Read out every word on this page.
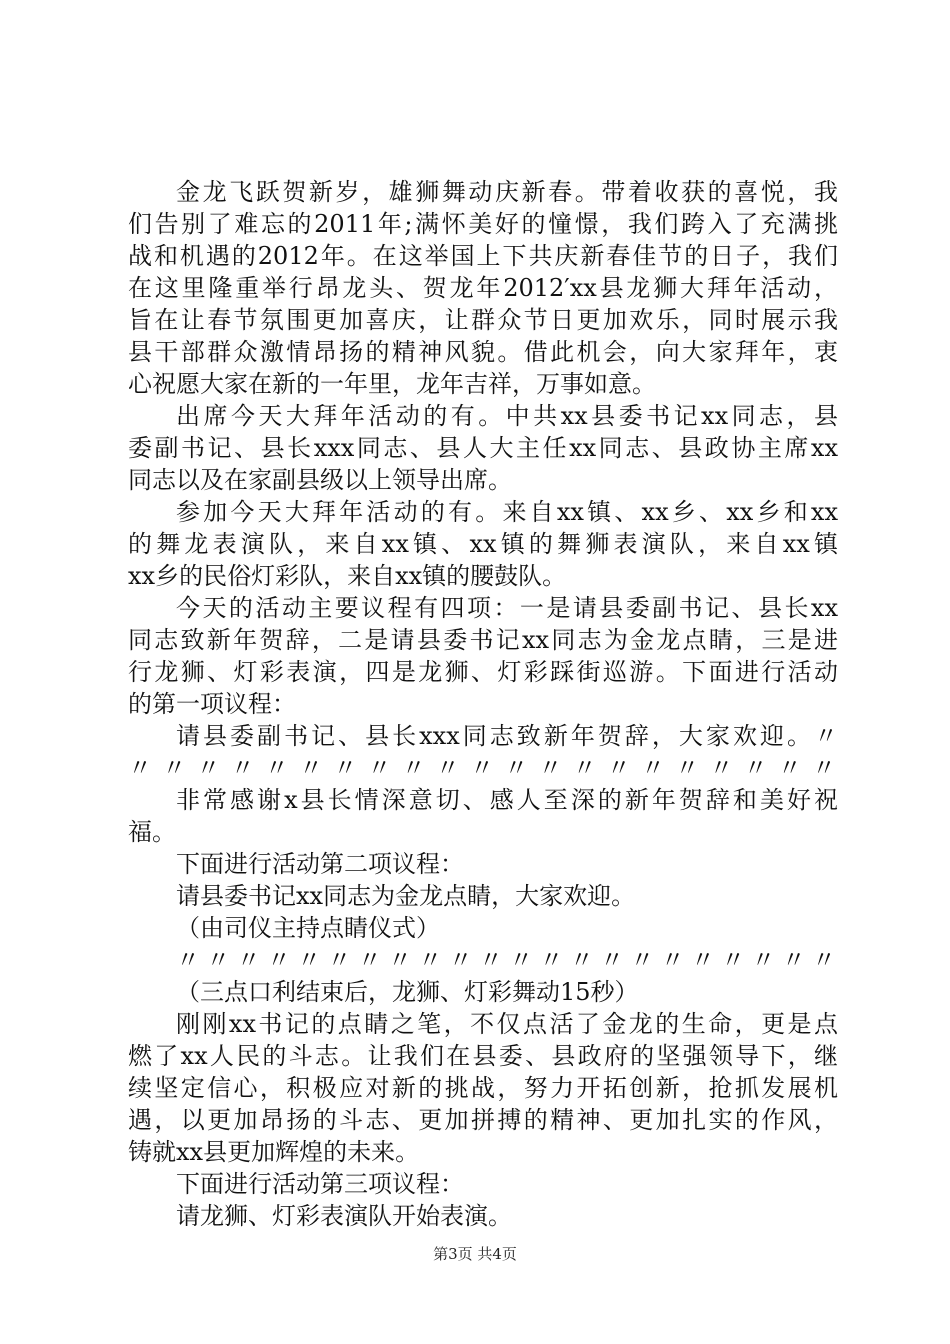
金龙飞跃贺新岁，雄狮舞动庆新春。带着收获的喜悦，我
们告别了难忘的2011年;满怀美好的憧憬，我们跨入了充满挑
战和机遇的2012年。在这举国上下共庆新春佳节的日子，我们
在这里隆重举行昂龙头、贺龙年2012′xx县龙狮大拜年活动，
旨在让春节氛围更加喜庆，让群众节日更加欢乐，同时展示我
县干部群众激情昂扬的精神风貌。借此机会，向大家拜年，衷
心祝愿大家在新的一年里，龙年吉祥，万事如意。
出席今天大拜年活动的有。中共xx县委书记xx同志，县
委副书记、县长xxx同志、县人大主任xx同志、县政协主席xx
同志以及在家副县级以上领导出席。
参加今天大拜年活动的有。来自xx镇、xx乡、xx乡和xx
的舞龙表演队，来自xx镇、xx镇的舞狮表演队，来自xx镇
xx乡的民俗灯彩队，来自xx镇的腰鼓队。
今天的活动主要议程有四项：一是请县委副书记、县长xx
同志致新年贺辞，二是请县委书记xx同志为金龙点睛，三是进
行龙狮、灯彩表演，四是龙狮、灯彩踩街巡游。下面进行活动
的第一项议程：
请县委副书记、县长xxx同志致新年贺辞，大家欢迎。〃
〃〃〃〃〃〃〃〃〃〃〃〃〃〃〃〃〃〃〃〃〃
非常感谢x县长情深意切、感人至深的新年贺辞和美好祝
福。
下面进行活动第二项议程：
请县委书记xx同志为金龙点睛，大家欢迎。
（由司仪主持点睛仪式）
〃〃〃〃〃〃〃〃〃〃〃〃〃〃〃〃〃〃〃〃〃〃
（三点口利结束后，龙狮、灯彩舞动15秒）
刚刚xx书记的点睛之笔，不仅点活了金龙的生命，更是点
燃了xx人民的斗志。让我们在县委、县政府的坚强领导下，继
续坚定信心，积极应对新的挑战，努力开拓创新，抢抓发展机
遇，以更加昂扬的斗志、更加拼搏的精神、更加扎实的作风，
铸就xx县更加辉煌的未来。
下面进行活动第三项议程：
请龙狮、灯彩表演队开始表演。
第3页 共4页
